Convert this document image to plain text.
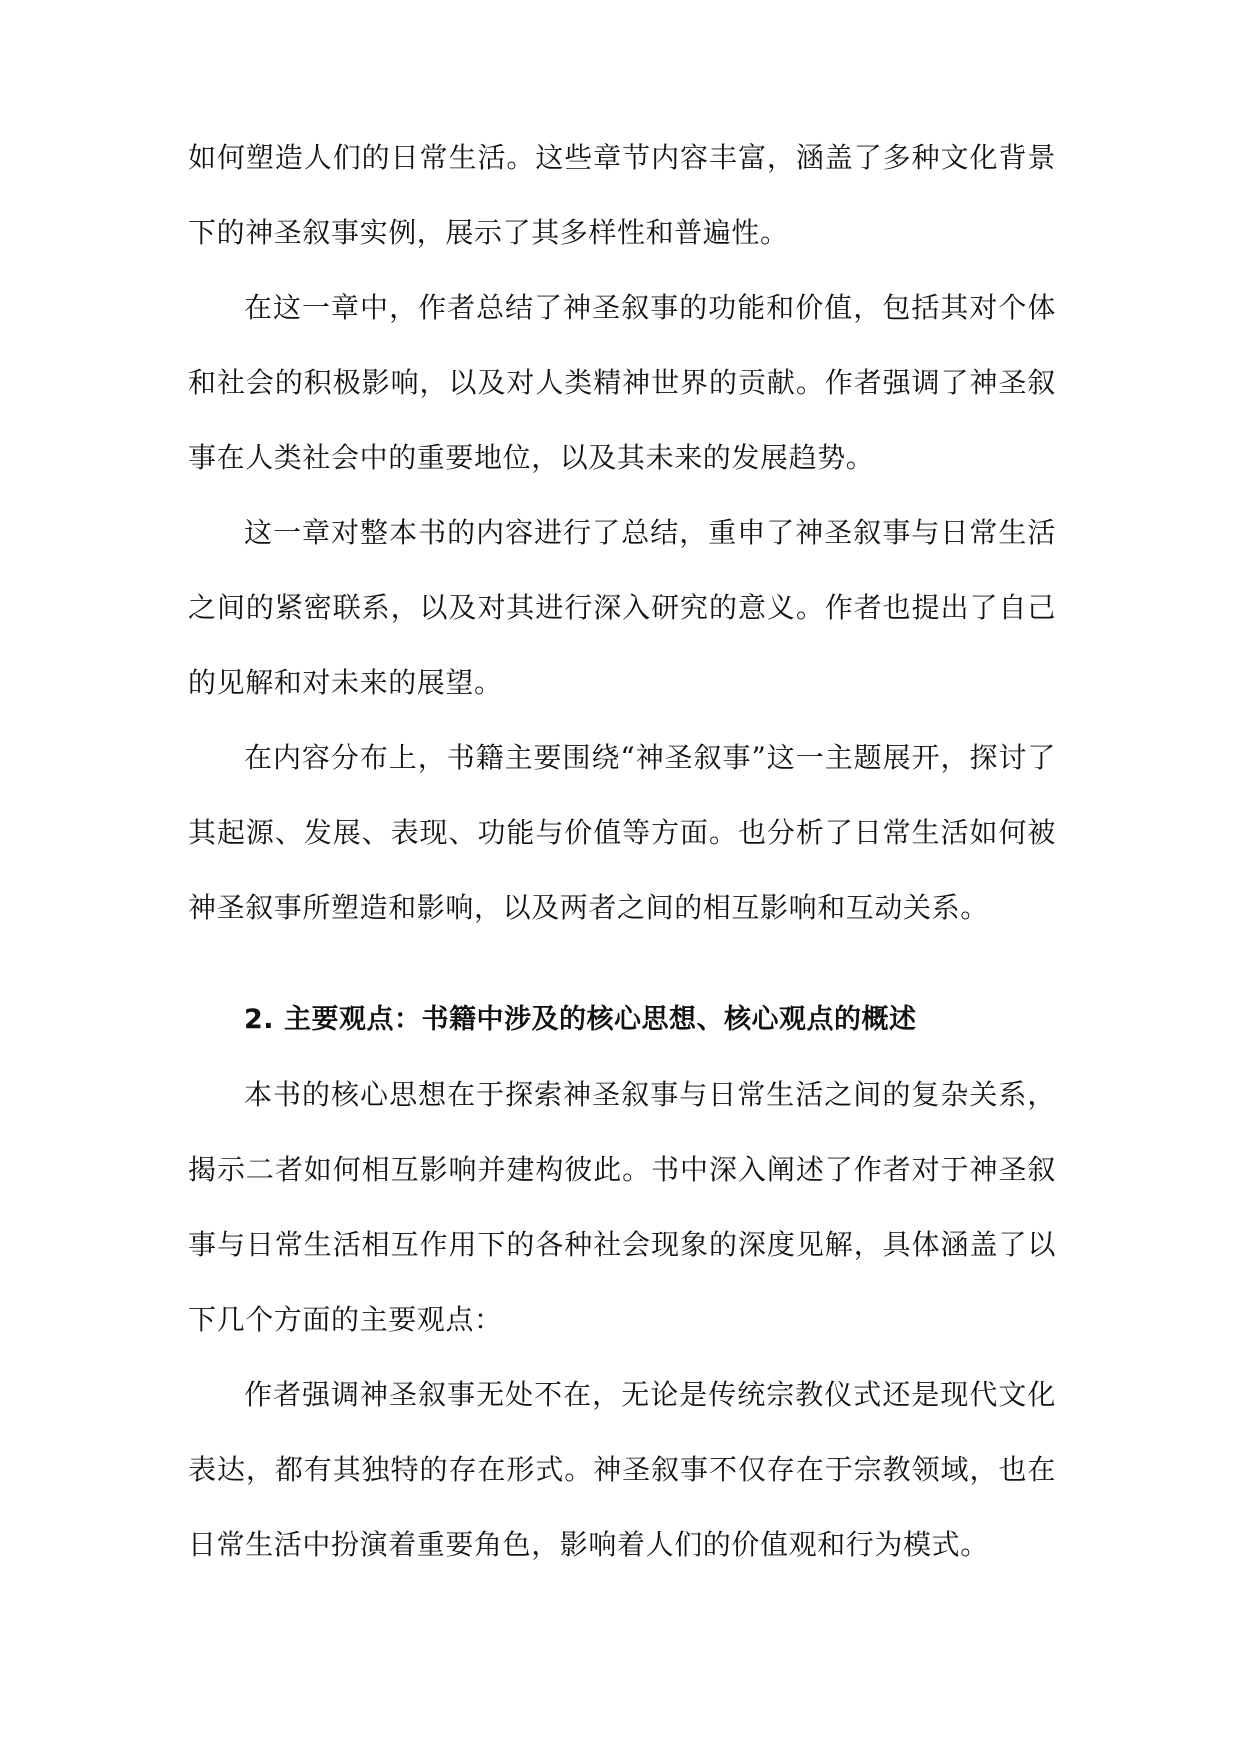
如何塑造人们的日常生活。这些章节内容丰富，涵盖了多种文化背景下的神圣叙事实例，展示了其多样性和普遍性。

在这一章中，作者总结了神圣叙事的功能和价值，包括其对个体和社会的积极影响，以及对人类精神世界的贡献。作者强调了神圣叙事在人类社会中的重要地位，以及其未来的发展趋势。

这一章对整本书的内容进行了总结，重申了神圣叙事与日常生活之间的紧密联系，以及对其进行深入研究的意义。作者也提出了自己的见解和对未来的展望。

在内容分布上，书籍主要围绕“神圣叙事”这一主题展开，探讨了其起源、发展、表现、功能与价值等方面。也分析了日常生活如何被神圣叙事所塑造和影响，以及两者之间的相互影响和互动关系。

2. 主要观点：书籍中涉及的核心思想、核心观点的概述

本书的核心思想在于探索神圣叙事与日常生活之间的复杂关系，揭示二者如何相互影响并建构彼此。书中深入阐述了作者对于神圣叙事与日常生活相互作用下的各种社会现象的深度见解，具体涵盖了以下几个方面的主要观点：

作者强调神圣叙事无处不在，无论是传统宗教仪式还是现代文化表达，都有其独特的存在形式。神圣叙事不仅存在于宗教领域，也在日常生活中扮演着重要角色，影响着人们的价值观和行为模式。
